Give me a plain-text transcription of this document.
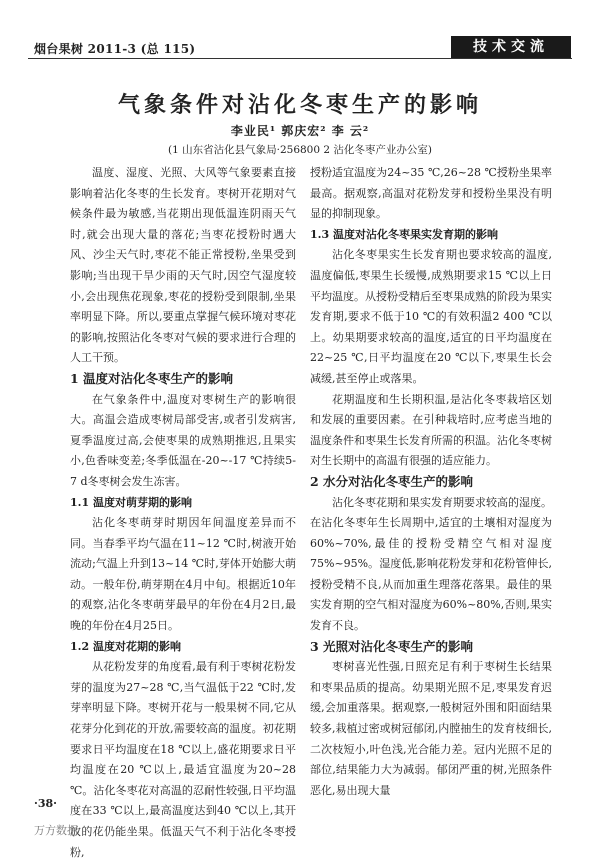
烟台果树 2011-3 (总 115)	技术交流
气象条件对沾化冬枣生产的影响
李业民¹ 郭庆宏² 李 云²
(1 山东省沾化县气象局·256800 2 沾化冬枣产业办公室)

温度、湿度、光照、大风等气象要素直接影响着沾化冬枣的生长发育。枣树开花期对气候条件最为敏感,当花期出现低温连阴雨天气时,就会出现大量的落花;当枣花授粉时遇大风、沙尘天气时,枣花不能正常授粉,坐果受到影响;当出现干旱少雨的天气时,因空气湿度较小,会出现焦花现象,枣花的授粉受到限制,坐果率明显下降。所以,要重点掌握气候环境对枣花的影响,按照沾化冬枣对气候的要求进行合理的人工干预。

1 温度对沾化冬枣生产的影响

在气象条件中,温度对枣树生产的影响很大。高温会造成枣树局部受害,或者引发病害,夏季温度过高,会使枣果的成熟期推迟,且果实小,色香味变差;冬季低温在-20~-17 ℃持续5-7 d冬枣树会发生冻害。

1.1 温度对萌芽期的影响

沾化冬枣萌芽时期因年间温度差异而不同。当春季平均气温在11~12 ℃时,树液开始流动;气温上升到13~14 ℃时,芽体开始膨大萌动。一般年份,萌芽期在4月中旬。根据近10年的观察,沾化冬枣萌芽最早的年份在4月2日,最晚的年份在4月25日。

1.2 温度对花期的影响

从花粉发芽的角度看,最有利于枣树花粉发芽的温度为27~28 ℃,当气温低于22 ℃时,发芽率明显下降。枣树开花与一般果树不同,它从花芽分化到花的开放,需要较高的温度。初花期要求日平均温度在18 ℃以上,盛花期要求日平均温度在20 ℃以上,最适宜温度为20~28 ℃。沾化冬枣花对高温的忍耐性较强,日平均温度在33 ℃以上,最高温度达到40 ℃以上,其开放的花仍能坐果。低温天气不利于沾化冬枣授粉,

授粉适宜温度为24~35 ℃,26~28 ℃授粉坐果率最高。据观察,高温对花粉发芽和授粉坐果没有明显的抑制现象。

1.3 温度对沾化冬枣果实发育期的影响

沾化冬枣果实生长发育期也要求较高的温度,温度偏低,枣果生长缓慢,成熟期要求15 ℃以上日平均温度。从授粉受精后至枣果成熟的阶段为果实发育期,要求不低于10 ℃的有效积温2 400 ℃以上。幼果期要求较高的温度,适宜的日平均温度在22~25 ℃,日平均温度在20 ℃以下,枣果生长会减缓,甚至停止或落果。

花期温度和生长期积温,是沾化冬枣栽培区划和发展的重要因素。在引种栽培时,应考虑当地的温度条件和枣果生长发育所需的积温。沾化冬枣树对生长期中的高温有很强的适应能力。

2 水分对沾化冬枣生产的影响

沾化冬枣花期和果实发育期要求较高的湿度。在沾化冬枣年生长周期中,适宜的土壤相对湿度为60%~70%,最佳的授粉受精空气相对湿度75%~95%。湿度低,影响花粉发芽和花粉管伸长,授粉受精不良,从而加重生理落花落果。最佳的果实发育期的空气相对湿度为60%~80%,否则,果实发育不良。

3 光照对沾化冬枣生产的影响

枣树喜光性强,日照充足有利于枣树生长结果和枣果品质的提高。幼果期光照不足,枣果发育迟缓,会加重落果。据观察,一般树冠外围和阳面结果较多,栽植过密或树冠郁闭,内膛抽生的发育枝细长,二次枝短小,叶色浅,光合能力差。冠内光照不足的部位,结果能力大为减弱。郁闭严重的树,光照条件恶化,易出现大量

·38·
万方数据
